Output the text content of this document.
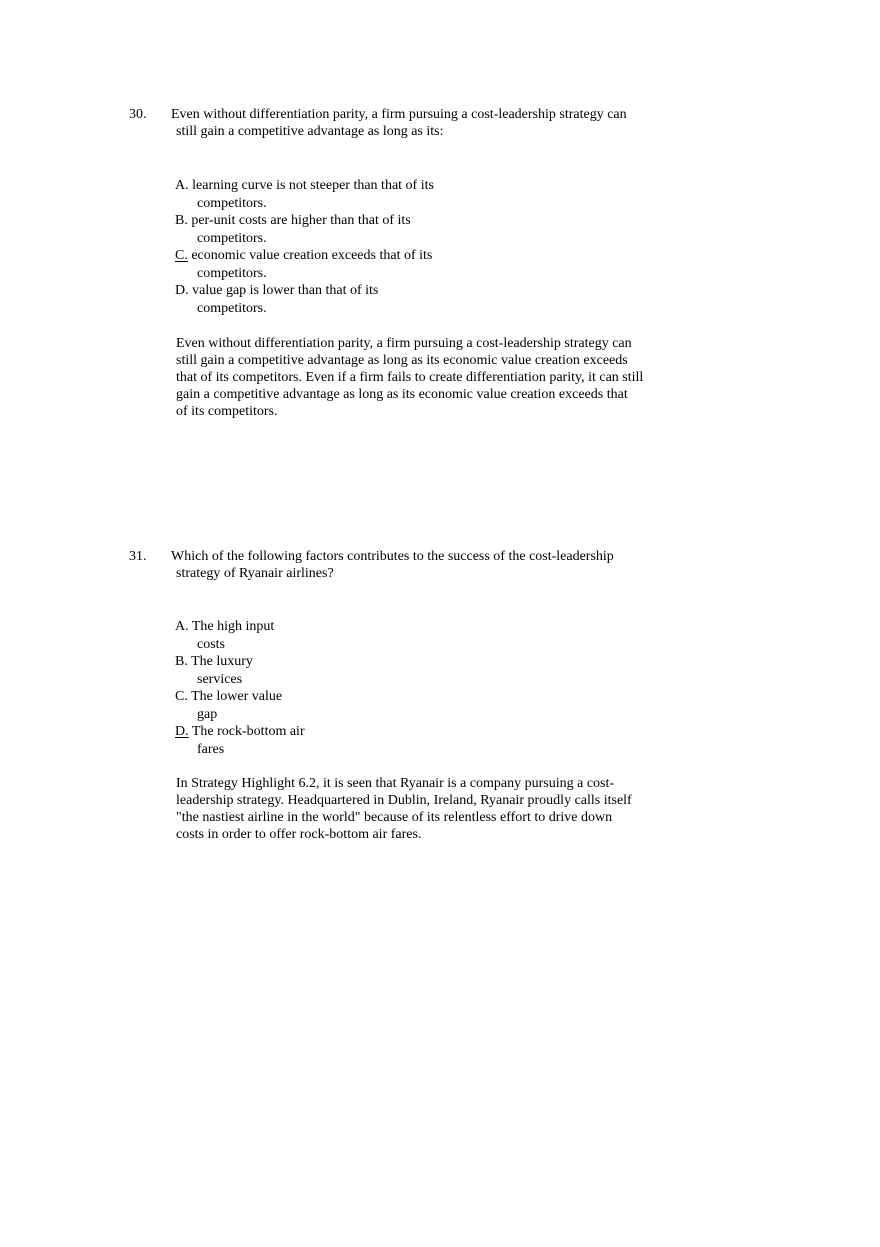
30. Even without differentiation parity, a firm pursuing a cost-leadership strategy can
still gain a competitive advantage as long as its:
A. learning curve is not steeper than that of its
competitors.
B. per-unit costs are higher than that of its
competitors.
C. economic value creation exceeds that of its
competitors.
D. value gap is lower than that of its
competitors.
Even without differentiation parity, a firm pursuing a cost-leadership strategy can
still gain a competitive advantage as long as its economic value creation exceeds
that of its competitors. Even if a firm fails to create differentiation parity, it can still
gain a competitive advantage as long as its economic value creation exceeds that
of its competitors.
31. Which of the following factors contributes to the success of the cost-leadership
strategy of Ryanair airlines?
A. The high input
costs
B. The luxury
services
C. The lower value
gap
D. The rock-bottom air
fares
In Strategy Highlight 6.2, it is seen that Ryanair is a company pursuing a cost-
leadership strategy. Headquartered in Dublin, Ireland, Ryanair proudly calls itself
"the nastiest airline in the world" because of its relentless effort to drive down
costs in order to offer rock-bottom air fares.
